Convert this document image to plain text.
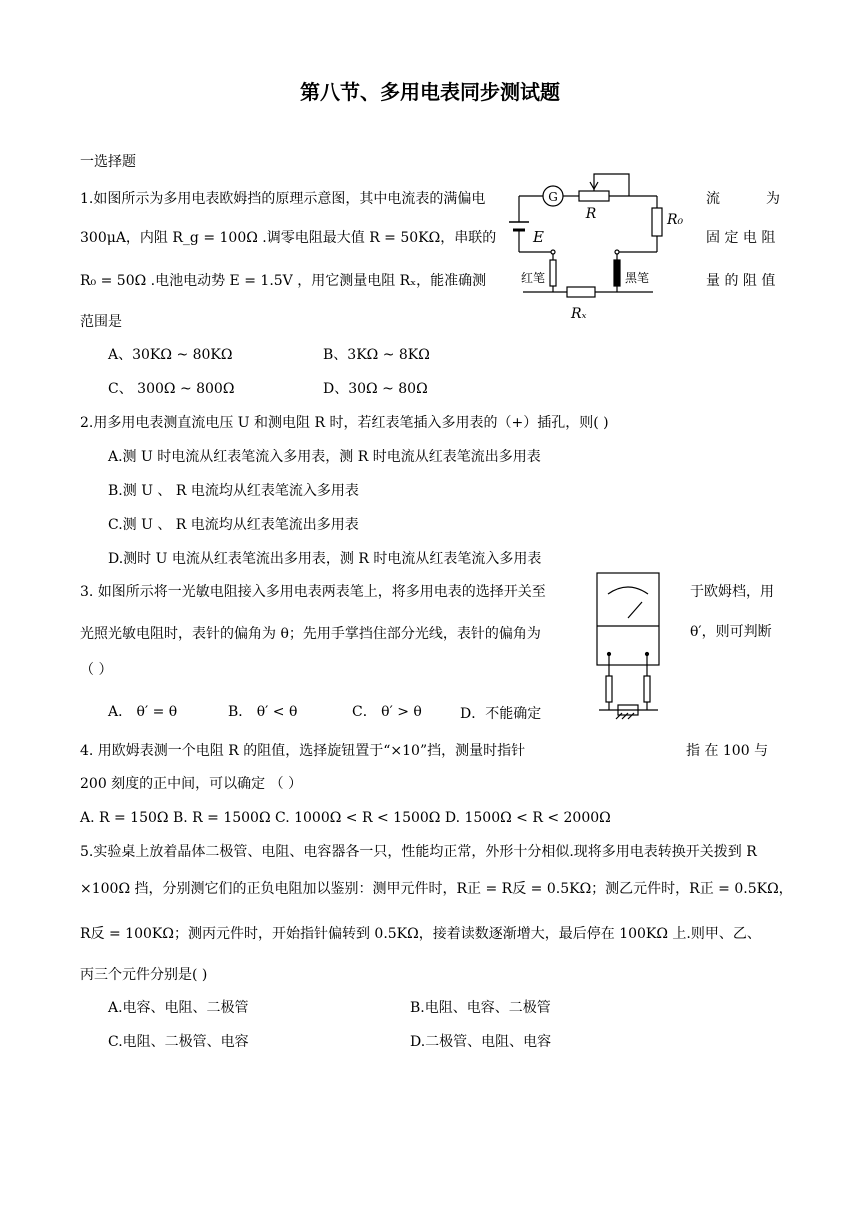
第八节、多用电表同步测试题
一选择题
1.如图所示为多用电表欧姆挡的原理示意图，其中电流表的满偏电	流	为
300μA，内阻 R_g = 100Ω .调零电阻最大值 R = 50KΩ，串联的	固 定 电 阻
R₀ = 50Ω .电池电动势 E = 1.5V ，用它测量电阻 Rₓ，能准确测	量 的 阻 值
范围是
A、30KΩ ~ 80KΩ	B、3KΩ ~ 8KΩ
C、 300Ω ~ 800Ω	D、30Ω ~ 80Ω
G
R	R₀
E
红笔	黑笔
Rₓ
2.用多用电表测直流电压 U 和测电阻 R 时，若红表笔插入多用表的（+）插孔，则( )
A.测 U 时电流从红表笔流入多用表，测 R 时电流从红表笔流出多用表
B.测 U 、 R 电流均从红表笔流入多用表
C.测 U 、 R 电流均从红表笔流出多用表
D.测时 U 电流从红表笔流出多用表，测 R 时电流从红表笔流入多用表
3. 如图所示将一光敏电阻接入多用电表两表笔上，将多用电表的选择开关至	于欧姆档，用
光照光敏电阻时，表针的偏角为 θ；先用手掌挡住部分光线，表针的偏角为	θ′，则可判断
（ ）
A． θ′ = θ	B． θ′ < θ	C． θ′ > θ	D．不能确定
4. 用欧姆表测一个电阻 R 的阻值，选择旋钮置于“×10”挡，测量时指针	指 在 100 与
200 刻度的正中间，可以确定 （ ）
A. R = 150Ω B. R = 1500Ω C. 1000Ω < R < 1500Ω D. 1500Ω < R < 2000Ω
5.实验桌上放着晶体二极管、电阻、电容器各一只，性能均正常，外形十分相似.现将多用电表转换开关拨到 R
×100Ω 挡，分别测它们的正负电阻加以鉴别：测甲元件时，R正 = R反 = 0.5KΩ；测乙元件时，R正 = 0.5KΩ，
R反 = 100KΩ；测丙元件时，开始指针偏转到 0.5KΩ，接着读数逐渐增大，最后停在 100KΩ 上.则甲、乙、
丙三个元件分别是( )
A.电容、电阻、二极管	B.电阻、电容、二极管
C.电阻、二极管、电容	D.二极管、电阻、电容
